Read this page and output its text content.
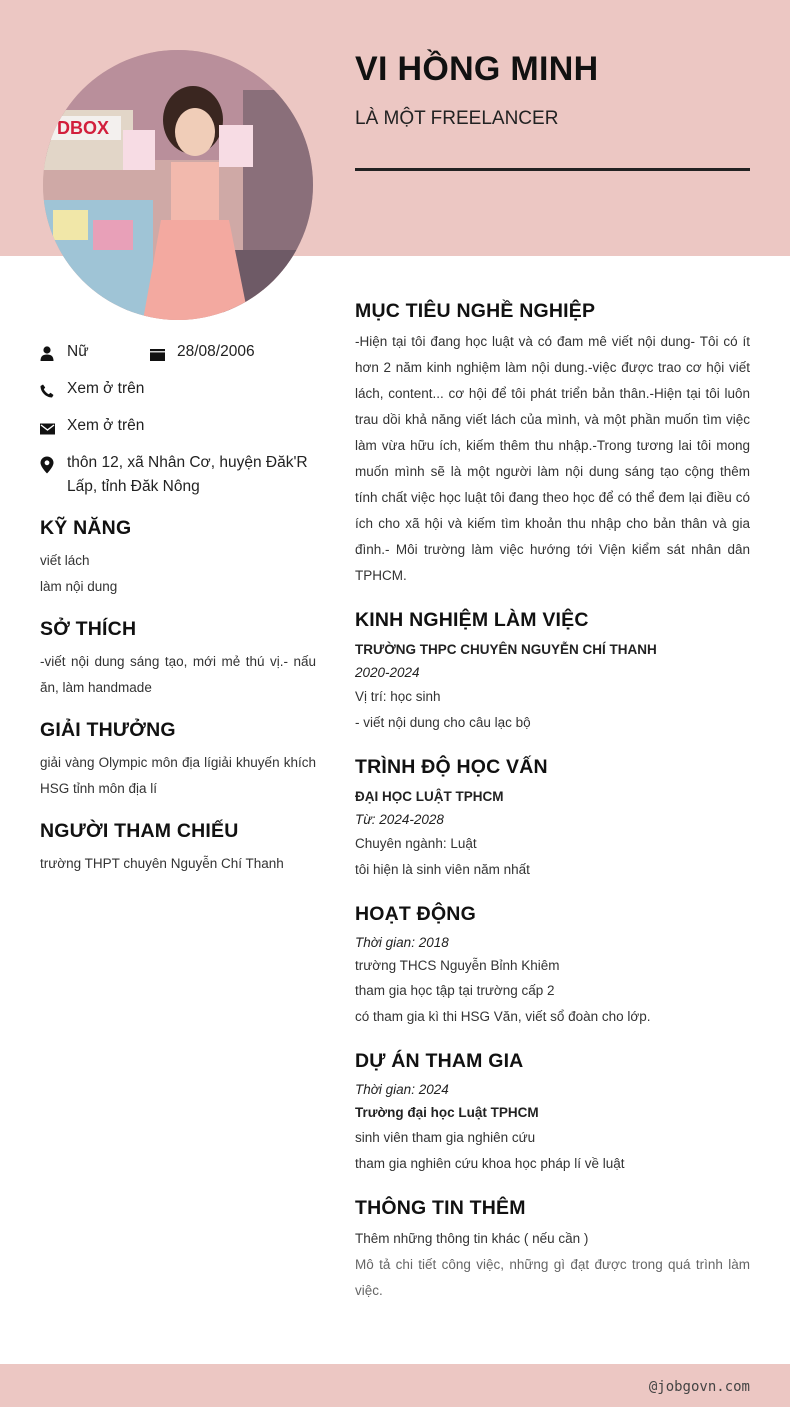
DBOX
VI HỒNG MINH
LÀ MỘT FREELANCER
Nữ	28/08/2006
Xem ở trên
Xem ở trên
thôn 12, xã Nhân Cơ, huyện Đăk'R Lấp, tỉnh Đăk Nông
KỸ NĂNG
viết lách
làm nội dung
SỞ THÍCH
-viết nội dung sáng tạo, mới mẻ thú vị.- nấu ăn, làm handmade
GIẢI THƯỞNG
giải vàng Olympic môn địa lígiải khuyến khích HSG tỉnh môn địa lí
NGƯỜI THAM CHIẾU
trường THPT chuyên Nguyễn Chí Thanh
MỤC TIÊU NGHỀ NGHIỆP
-Hiện tại tôi đang học luật và có đam mê viết nội dung- Tôi có ít hơn 2 năm kinh nghiệm làm nội dung.-việc được trao cơ hội viết lách, content... cơ hội để tôi phát triển bản thân.-Hiện tại tôi luôn trau dồi khả năng viết lách của mình, và một phần muốn tìm việc làm vừa hữu ích, kiếm thêm thu nhập.-Trong tương lai tôi mong muốn mình sẽ là một người làm nội dung sáng tạo cộng thêm tính chất việc học luật tôi đang theo học để có thể đem lại điều có ích cho xã hội và kiếm tìm khoản thu nhập cho bản thân và gia đình.- Môi trường làm việc hướng tới Viện kiểm sát nhân dân TPHCM.
KINH NGHIỆM LÀM VIỆC
TRƯỜNG THPC CHUYÊN NGUYỄN CHÍ THANH
2020-2024
Vị trí: học sinh
- viết nội dung cho câu lạc bộ
TRÌNH ĐỘ HỌC VẤN
ĐẠI HỌC LUẬT TPHCM
Từ: 2024-2028
Chuyên ngành: Luật
tôi hiện là sinh viên năm nhất
HOẠT ĐỘNG
Thời gian: 2018
trường THCS Nguyễn Bỉnh Khiêm
tham gia học tập tại trường cấp 2
có tham gia kì thi HSG Văn, viết sổ đoàn cho lớp.
DỰ ÁN THAM GIA
Thời gian: 2024
Trường đại học Luật TPHCM
sinh viên tham gia nghiên cứu
tham gia nghiên cứu khoa học pháp lí về luật
THÔNG TIN THÊM
Thêm những thông tin khác ( nếu cần )
Mô tả chi tiết công việc, những gì đạt được trong quá trình làm việc.
@jobgovn.com
